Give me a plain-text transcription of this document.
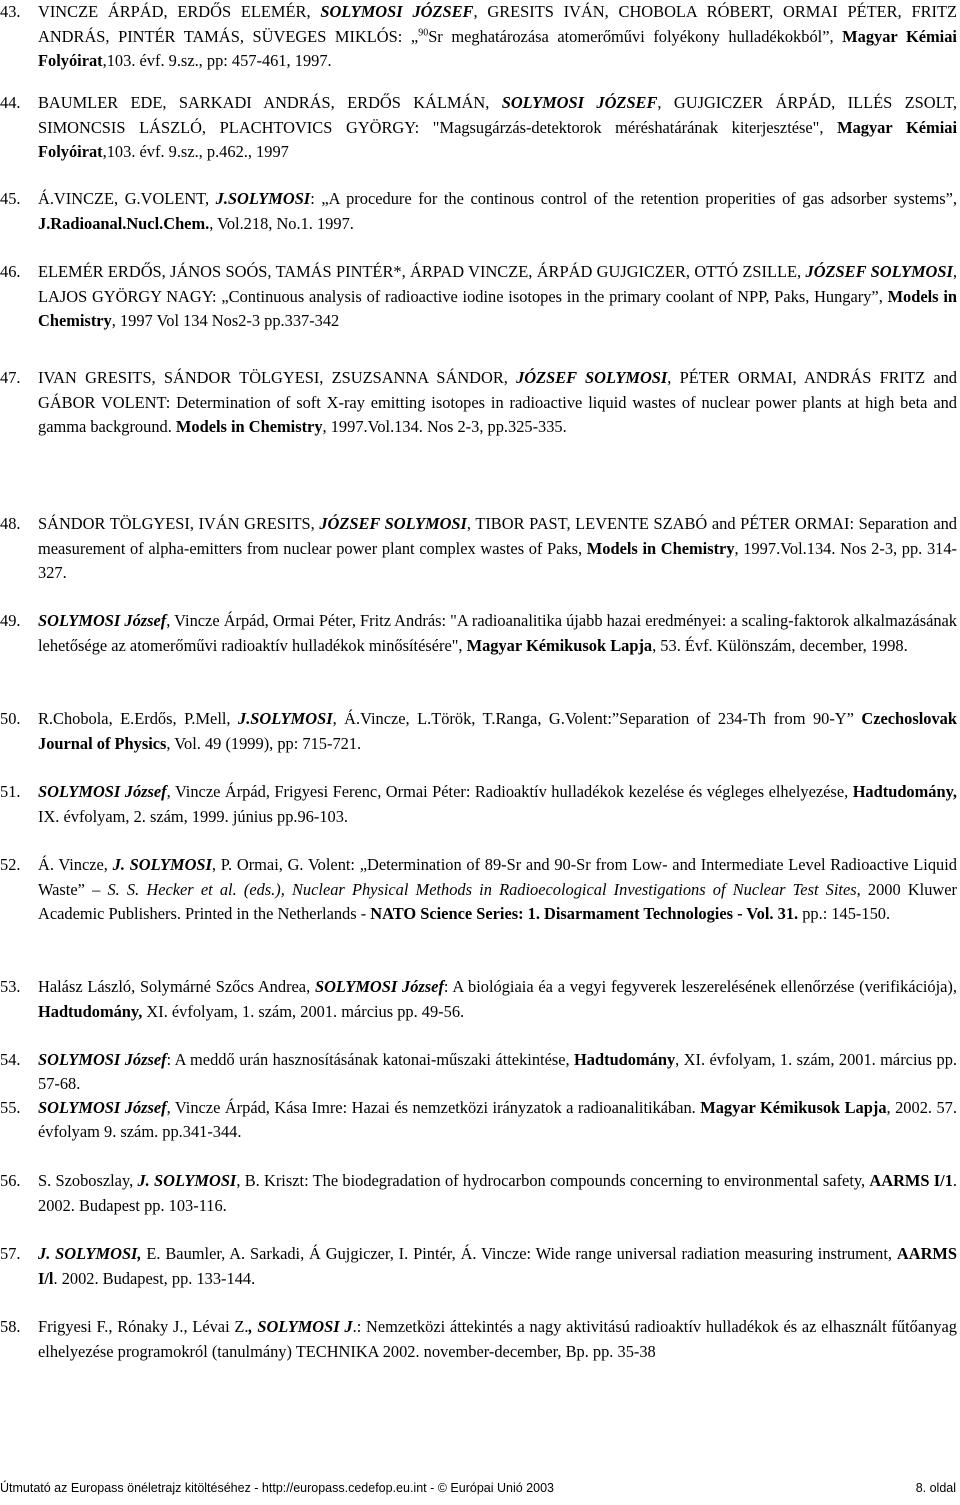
43. VINCZE ÁRPÁD, ERDŐS ELEMÉR, SOLYMOSI JÓZSEF, GRESITS IVÁN, CHOBOLA RÓBERT, ORMAI PÉTER, FRITZ ANDRÁS, PINTÉR TAMÁS, SÜVEGES MIKLÓS: „$^{90}$Sr meghatározása atomerőművi folyékony hulladékokból”, Magyar Kémiai Folyóirat,103. évf. 9.sz., pp: 457-461, 1997.
44. BAUMLER EDE, SARKADI ANDRÁS, ERDŐS KÁLMÁN, SOLYMOSI JÓZSEF, GUJGICZER ÁRPÁD, ILLÉS ZSOLT, SIMONCSIS LÁSZLÓ, PLACHTOVICS GYÖRGY: "Magsugárzás-detektorok méréshatárának kiterjesztése", Magyar Kémiai Folyóirat,103. évf. 9.sz., p.462., 1997
45. Á.VINCZE, G.VOLENT, J.SOLYMOSI: „A procedure for the continous control of the retention properities of gas adsorber systems”, J.Radioanal.Nucl.Chem., Vol.218, No.1. 1997.
46. ELEMÉR ERDŐS, JÁNOS SOÓS, TAMÁS PINTÉR*, ÁRPAD VINCZE, ÁRPÁD GUJGICZER, OTTÓ ZSILLE, JÓZSEF SOLYMOSI, LAJOS GYÖRGY NAGY: „Continuous analysis of radioactive iodine isotopes in the primary coolant of NPP, Paks, Hungary”, Models in Chemistry, 1997 Vol 134 Nos2-3 pp.337-342
47. IVAN GRESITS, SÁNDOR TÖLGYESI, ZSUZSANNA SÁNDOR, JÓZSEF SOLYMOSI, PÉTER ORMAI, ANDRÁS FRITZ and GÁBOR VOLENT: Determination of soft X-ray emitting isotopes in radioactive liquid wastes of nuclear power plants at high beta and gamma background. Models in Chemistry, 1997.Vol.134. Nos 2-3, pp.325-335.
48. SÁNDOR TÖLGYESI, IVÁN GRESITS, JÓZSEF SOLYMOSI, TIBOR PAST, LEVENTE SZABÓ and PÉTER ORMAI: Separation and measurement of alpha-emitters from nuclear power plant complex wastes of Paks, Models in Chemistry, 1997.Vol.134. Nos 2-3, pp. 314-327.
49. SOLYMOSI József, Vincze Árpád, Ormai Péter, Fritz András: "A radioanalitika újabb hazai eredményei: a scaling-faktorok alkalmazásának lehetősége az atomerőművi radioaktív hulladékok minősítésére", Magyar Kémikusok Lapja, 53. Évf. Különszám, december, 1998.
50. R.Chobola, E.Erdős, P.Mell, J.SOLYMOSI, Á.Vincze, L.Török, T.Ranga, G.Volent:”Separation of 234-Th from 90-Y” Czechoslovak Journal of Physics, Vol. 49 (1999), pp: 715-721.
51. SOLYMOSI József, Vincze Árpád, Frigyesi Ferenc, Ormai Péter: Radioaktív hulladékok kezelése és végleges elhelyezése, Hadtudomány, IX. évfolyam, 2. szám, 1999. június pp.96-103.
52. Á. Vincze, J. SOLYMOSI, P. Ormai, G. Volent: „Determination of 89-Sr and 90-Sr from Low- and Intermediate Level Radioactive Liquid Waste” – S. S. Hecker et al. (eds.), Nuclear Physical Methods in Radioecological Investigations of Nuclear Test Sites, 2000 Kluwer Academic Publishers. Printed in the Netherlands - NATO Science Series: 1. Disarmament Technologies - Vol. 31. pp.: 145-150.
53. Halász László, Solymárné Szőcs Andrea, SOLYMOSI József: A biológiaia éa a vegyi fegyverek leszerelésének ellenőrzése (verifikációja), Hadtudomány, XI. évfolyam, 1. szám, 2001. március pp. 49-56.
54. SOLYMOSI József: A meddő urán hasznosításának katonai-műszaki áttekintése, Hadtudomány, XI. évfolyam, 1. szám, 2001. március pp. 57-68.
55. SOLYMOSI József, Vincze Árpád, Kása Imre: Hazai és nemzetközi irányzatok a radioanalitikában. Magyar Kémikusok Lapja, 2002. 57. évfolyam 9. szám. pp.341-344.
56. S. Szoboszlay, J. SOLYMOSI, B. Kriszt: The biodegradation of hydrocarbon compounds concerning to environmental safety, AARMS I/1. 2002. Budapest pp. 103-116.
57. J. SOLYMOSI, E. Baumler, A. Sarkadi, Á Gujgiczer, I. Pintér, Á. Vincze: Wide range universal radiation measuring instrument, AARMS I/l. 2002. Budapest, pp. 133-144.
58. Frigyesi F., Rónaky J., Lévai Z., SOLYMOSI J.: Nemzetközi áttekintés a nagy aktivitású radioaktív hulladékok és az elhasznált fűtőanyag elhelyezése programokról (tanulmány) TECHNIKA 2002. november-december, Bp. pp. 35-38
Útmutató az Europass önéletrajz kitöltéséhez - http://europass.cedefop.eu.int - © Európai Unió 2003	8. oldal
